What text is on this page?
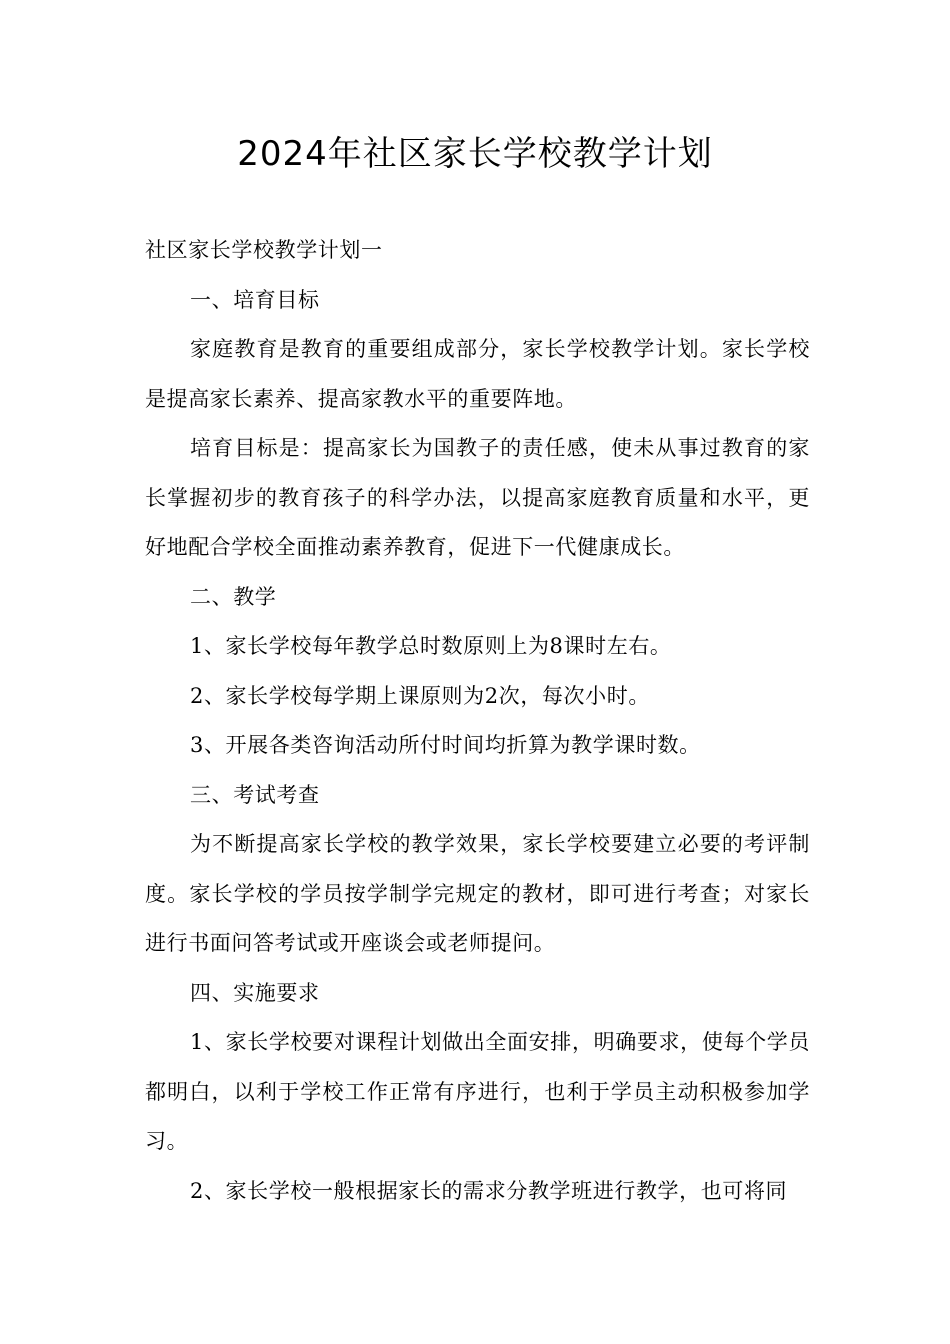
2024年社区家长学校教学计划

社区家长学校教学计划一

一、培育目标

家庭教育是教育的重要组成部分，家长学校教学计划。家长学校是提高家长素养、提高家教水平的重要阵地。

培育目标是：提高家长为国教子的责任感，使未从事过教育的家长掌握初步的教育孩子的科学办法，以提高家庭教育质量和水平，更好地配合学校全面推动素养教育，促进下一代健康成长。

二、教学

1、家长学校每年教学总时数原则上为8课时左右。

2、家长学校每学期上课原则为2次，每次小时。

3、开展各类咨询活动所付时间均折算为教学课时数。

三、考试考查

为不断提高家长学校的教学效果，家长学校要建立必要的考评制度。家长学校的学员按学制学完规定的教材，即可进行考查；对家长进行书面问答考试或开座谈会或老师提问。

四、实施要求

1、家长学校要对课程计划做出全面安排，明确要求，使每个学员都明白，以利于学校工作正常有序进行，也利于学员主动积极参加学习。

2、家长学校一般根据家长的需求分教学班进行教学，也可将同
